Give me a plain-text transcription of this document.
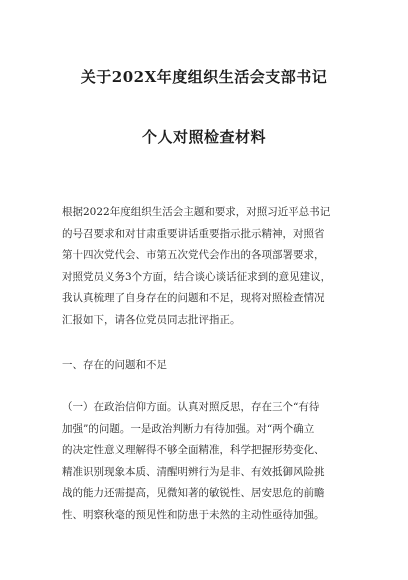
关于202X年度组织生活会支部书记
个人对照检查材料
根据2022年度组织生活会主题和要求，对照习近平总书记
的号召要求和对甘肃重要讲话重要指示批示精神，对照省
第十四次党代会、市第五次党代会作出的各项部署要求，
对照党员义务3个方面，结合谈心谈话征求到的意见建议，
我认真梳理了自身存在的问题和不足，现将对照检查情况
汇报如下，请各位党员同志批评指正。
一、存在的问题和不足
（一）在政治信仰方面。认真对照反思，存在三个“有待
加强”的问题。一是政治判断力有待加强。对“两个确立
的决定性意义理解得不够全面精准，科学把握形势变化、
精准识别现象本质、清醒明辨行为是非、有效抵御风险挑
战的能力还需提高，见微知著的敏锐性、居安思危的前瞻
性、明察秋毫的预见性和防患于未然的主动性亟待加强。
